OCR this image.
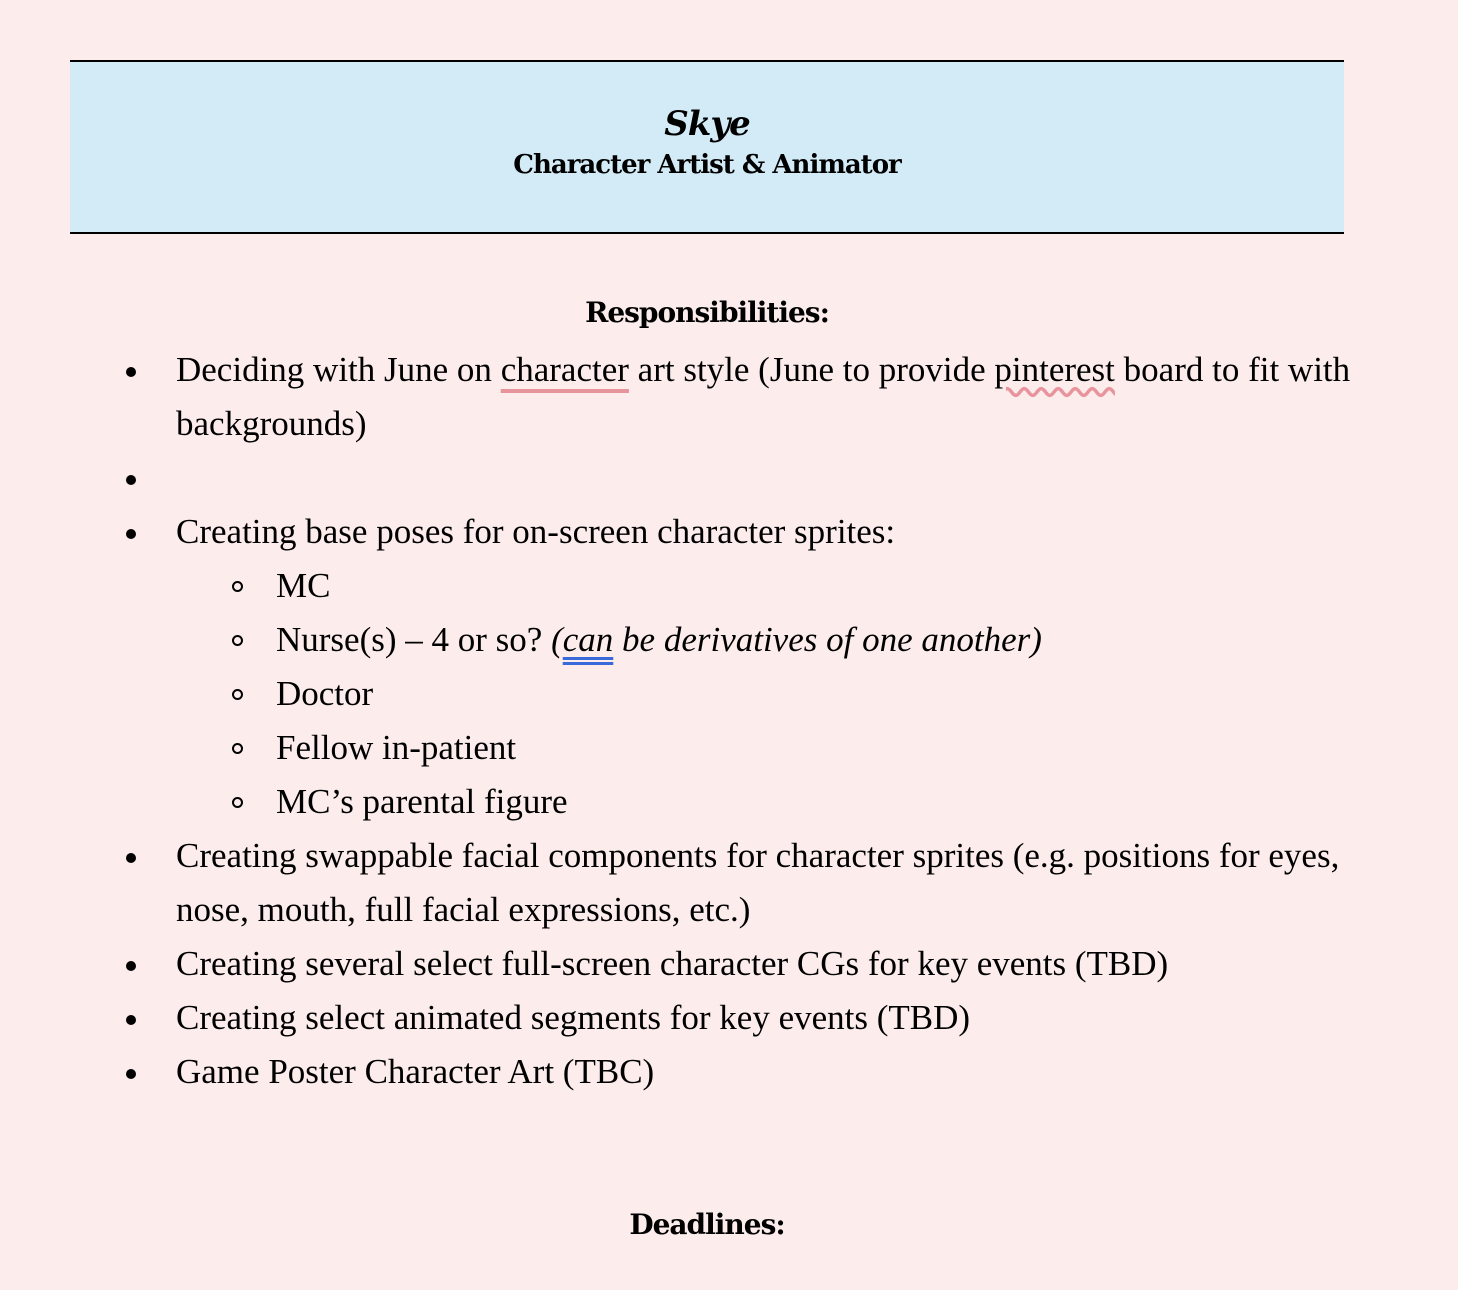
Skye
Character Artist & Animator
Responsibilities:
Deciding with June on character art style (June to provide pinterest board to fit with backgrounds)
Creating base poses for on-screen character sprites:
MC
Nurse(s) – 4 or so? (can be derivatives of one another)
Doctor
Fellow in-patient
MC’s parental figure
Creating swappable facial components for character sprites (e.g. positions for eyes, nose, mouth, full facial expressions, etc.)
Creating several select full-screen character CGs for key events (TBD)
Creating select animated segments for key events (TBD)
Game Poster Character Art (TBC)
Deadlines:
